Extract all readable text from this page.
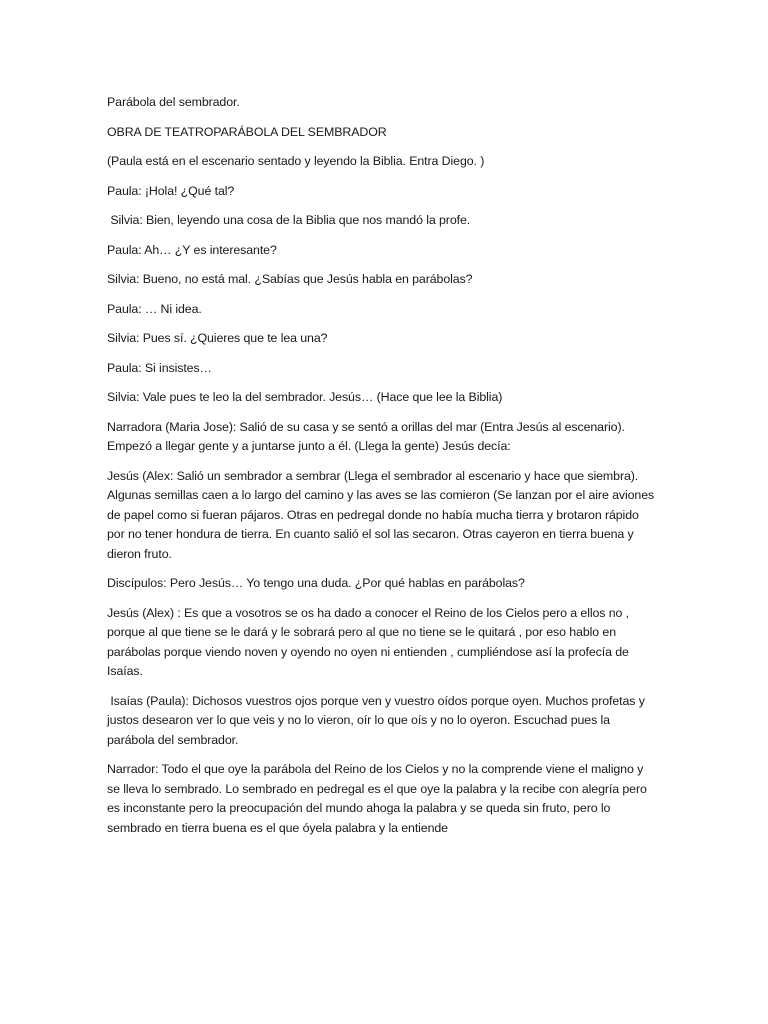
Parábola del sembrador.

OBRA DE TEATROPARÁBOLA DEL SEMBRADOR

(Paula está en el escenario sentado y leyendo la Biblia. Entra Diego. )

Paula: ¡Hola! ¿Qué tal?

Silvia: Bien, leyendo una cosa de la Biblia que nos mandó la profe.

Paula: Ah… ¿Y es interesante?

Silvia: Bueno, no está mal. ¿Sabías que Jesús habla en parábolas?

Paula: … Ni idea.

Silvia: Pues sí. ¿Quieres que te lea una?

Paula: Si insistes…

Silvia: Vale pues te leo la del sembrador. Jesús… (Hace que lee la Biblia)

Narradora (Maria Jose): Salió de su casa y se sentó a orillas del mar (Entra Jesús al escenario).
Empezó a llegar gente y a juntarse junto a él. (Llega la gente) Jesús decía:

Jesús (Alex: Salió un sembrador a sembrar (Llega el sembrador al escenario y hace que siembra).
Algunas semillas caen a lo largo del camino y las aves se las comieron (Se lanzan por el aire aviones
de papel como si fueran pájaros. Otras en pedregal donde no había mucha tierra y brotaron rápido
por no tener hondura de tierra. En cuanto salió el sol las secaron. Otras cayeron en tierra buena y
dieron fruto.

Discípulos: Pero Jesús… Yo tengo una duda. ¿Por qué hablas en parábolas?

Jesús (Alex) : Es que a vosotros se os ha dado a conocer el Reino de los Cielos pero a ellos no ,
porque al que tiene se le dará y le sobrará pero al que no tiene se le quitará , por eso hablo en
parábolas porque viendo noven y oyendo no oyen ni entienden , cumpliéndose así la profecía de
Isaías.

Isaías (Paula): Dichosos vuestros ojos porque ven y vuestro oídos porque oyen. Muchos profetas y
justos desearon ver lo que veis y no lo vieron, oír lo que oís y no lo oyeron. Escuchad pues la
parábola del sembrador.

Narrador: Todo el que oye la parábola del Reino de los Cielos y no la comprende viene el maligno y
se lleva lo sembrado. Lo sembrado en pedregal es el que oye la palabra y la recibe con alegría pero
es inconstante pero la preocupación del mundo ahoga la palabra y se queda sin fruto, pero lo
sembrado en tierra buena es el que óyela palabra y la entiende
